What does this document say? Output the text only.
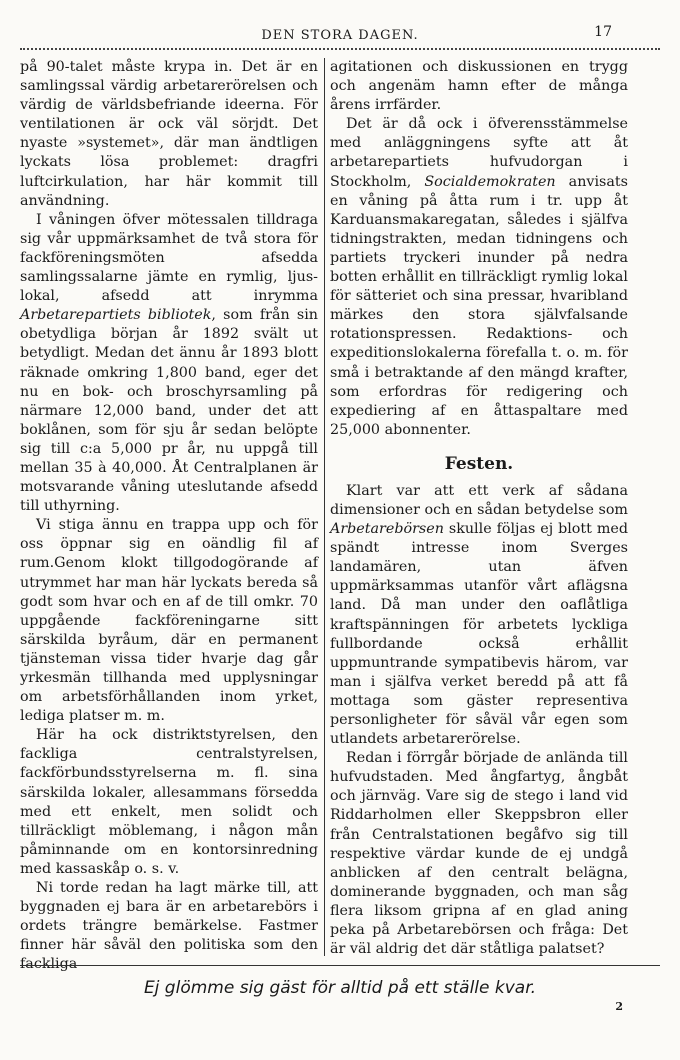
DEN STORA DAGEN.	17

på 90-talet måste krypa in. Det är en samlingssal värdig arbetarerörelsen och värdig de världsbefriande ideerna. För ventilationen är ock väl sörjdt. Det nyaste »systemet», där man ändtligen lyckats lösa problemet: dragfri luftcirkulation, har här kommit till användning.

I våningen öfver mötessalen tilldraga sig vår uppmärksamhet de två stora för fackföreningsmöten afsedda samlingssalarne jämte en rymlig, ljus- lokal, afsedd att inrymma Arbetarepartiets bibliotek, som från sin obetydliga början år 1892 svält ut betydligt. Medan det ännu år 1893 blott räknade omkring 1,800 band, eger det nu en bok- och broschyrsamling på närmare 12,000 band, under det att boklånen, som för sju år sedan belöpte sig till c:a 5,000 pr år, nu uppgå till mellan 35 à 40,000. Åt Centralplanen är motsvarande våning uteslutande afsedd till uthyrning.

Vi stiga ännu en trappa upp och för oss öppnar sig en oändlig fil af rum.Genom klokt tillgodogörande af utrymmet har man här lyckats bereda så godt som hvar och en af de till omkr. 70 uppgående fackföreningarne sitt särskilda byråum, där en permanent tjänsteman vissa tider hvarje dag går yrkesmän tillhanda med upplysningar om arbetsförhållanden inom yrket, lediga platser m. m.

Här ha ock distriktstyrelsen, den fackliga centralstyrelsen, fackförbundsstyrelserna m. fl. sina särskilda lokaler, allesammans försedda med ett enkelt, men solidt och tillräckligt möblemang, i någon mån påminnande om en kontorsinredning med kassaskåp o. s. v.

Ni torde redan ha lagt märke till, att byggnaden ej bara är en arbetarebörs i ordets trängre bemärkelse. Fastmer finner här såväl den politiska som den fackliga

agitationen och diskussionen en trygg och angenäm hamn efter de många årens irrfärder.

Det är då ock i öfverensstämmelse med anläggningens syfte att åt arbetarepartiets hufvudorgan i Stockholm, Socialdemokraten anvisats en våning på åtta rum i tr. upp åt Karduansmakaregatan, således i själfva tidningstrakten, medan tidningens och partiets tryckeri inunder på nedra botten erhållit en tillräckligt rymlig lokal för sätteriet och sina pressar, hvaribland märkes den stora självfalsande rotationspressen. Redaktions- och expeditionslokalerna förefalla t. o. m. för små i betraktande af den mängd krafter, som erfordras för redigering och expediering af en åttaspaltare med 25,000 abonnenter.

Festen.

Klart var att ett verk af sådana dimensioner och en sådan betydelse som Arbetarebörsen skulle följas ej blott med spändt intresse inom Sverges landamären, utan äfven uppmärksammas utanför vårt aflägsna land. Då man under den oaflåtliga kraftspänningen för arbetets lyckliga fullbordande också erhållit uppmuntrande sympatibevis härom, var man i själfva verket beredd på att få mottaga som gäster representiva personligheter för såväl vår egen som utlandets arbetarerörelse.

Redan i förrgår började de anlända till hufvudstaden. Med ångfartyg, ångbåt och järnväg. Vare sig de stego i land vid Riddarholmen eller Skeppsbron eller från Centralstationen begåfvo sig till respektive värdar kunde de ej undgå anblicken af den centralt belägna, dominerande byggnaden, och man såg flera liksom gripna af en glad aning peka på Arbetarebörsen och fråga: Det är väl aldrig det där ståtliga palatset?

Ej glömme sig gäst för alltid på ett ställe kvar.
2
